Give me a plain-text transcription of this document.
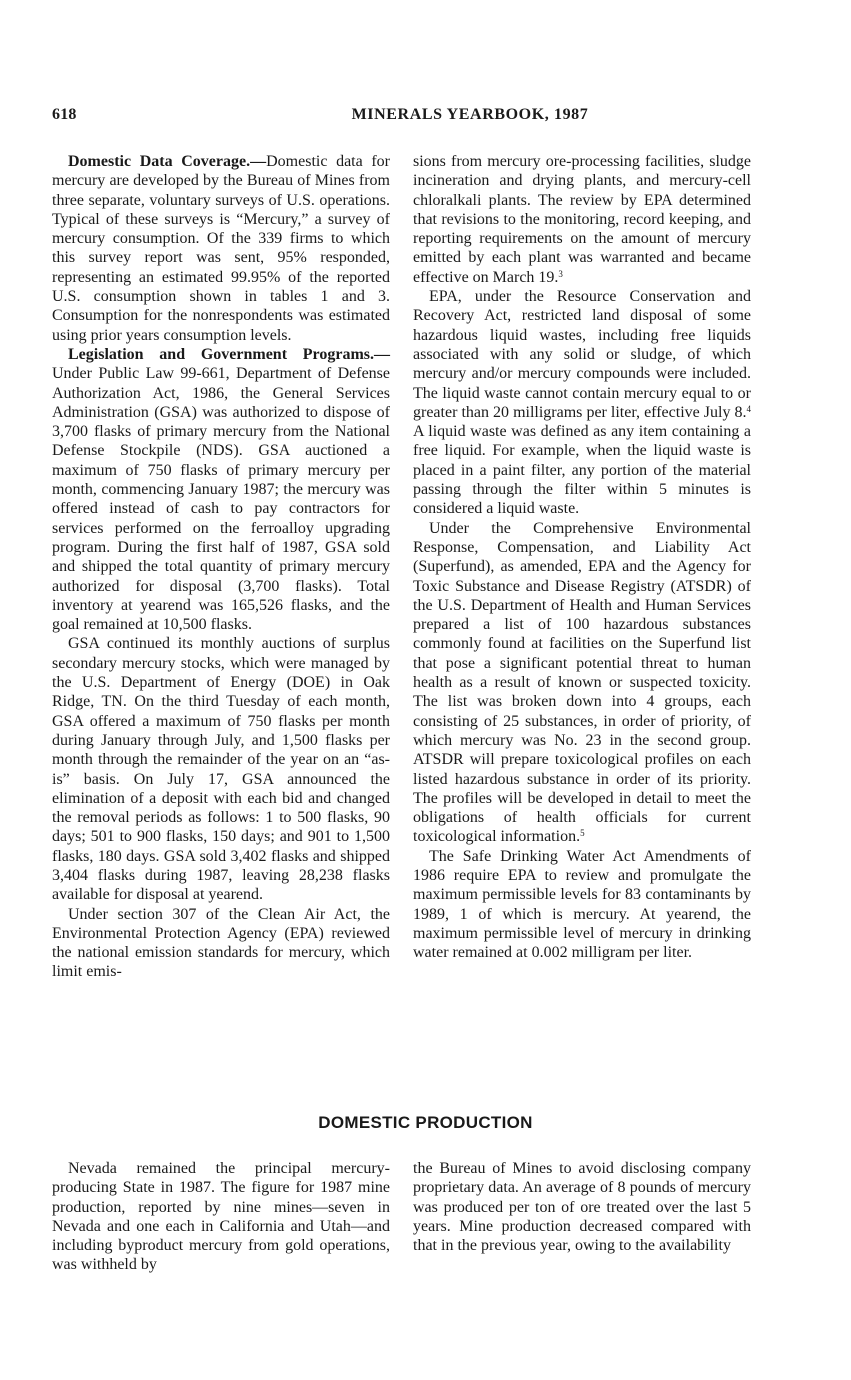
618	MINERALS YEARBOOK, 1987

Domestic Data Coverage.—Domestic data for mercury are developed by the Bureau of Mines from three separate, voluntary surveys of U.S. operations. Typical of these surveys is “Mercury,” a survey of mercury consumption. Of the 339 firms to which this survey report was sent, 95% responded, representing an estimated 99.95% of the reported U.S. consumption shown in tables 1 and 3. Consumption for the nonrespondents was estimated using prior years consumption levels.

Legislation and Government Programs.—Under Public Law 99-661, Department of Defense Authorization Act, 1986, the General Services Administration (GSA) was authorized to dispose of 3,700 flasks of primary mercury from the National Defense Stockpile (NDS). GSA auctioned a maximum of 750 flasks of primary mercury per month, commencing January 1987; the mercury was offered instead of cash to pay contractors for services performed on the ferroalloy upgrading program. During the first half of 1987, GSA sold and shipped the total quantity of primary mercury authorized for disposal (3,700 flasks). Total inventory at yearend was 165,526 flasks, and the goal remained at 10,500 flasks.

GSA continued its monthly auctions of surplus secondary mercury stocks, which were managed by the U.S. Department of Energy (DOE) in Oak Ridge, TN. On the third Tuesday of each month, GSA offered a maximum of 750 flasks per month during January through July, and 1,500 flasks per month through the remainder of the year on an “as-is” basis. On July 17, GSA announced the elimination of a deposit with each bid and changed the removal periods as follows: 1 to 500 flasks, 90 days; 501 to 900 flasks, 150 days; and 901 to 1,500 flasks, 180 days. GSA sold 3,402 flasks and shipped 3,404 flasks during 1987, leaving 28,238 flasks available for disposal at yearend.

Under section 307 of the Clean Air Act, the Environmental Protection Agency (EPA) reviewed the national emission standards for mercury, which limit emis-

sions from mercury ore-processing facilities, sludge incineration and drying plants, and mercury-cell chloralkali plants. The review by EPA determined that revisions to the monitoring, record keeping, and reporting requirements on the amount of mercury emitted by each plant was warranted and became effective on March 19.$^3$

EPA, under the Resource Conservation and Recovery Act, restricted land disposal of some hazardous liquid wastes, including free liquids associated with any solid or sludge, of which mercury and/or mercury compounds were included. The liquid waste cannot contain mercury equal to or greater than 20 milligrams per liter, effective July 8.$^4$ A liquid waste was defined as any item containing a free liquid. For example, when the liquid waste is placed in a paint filter, any portion of the material passing through the filter within 5 minutes is considered a liquid waste.

Under the Comprehensive Environmental Response, Compensation, and Liability Act (Superfund), as amended, EPA and the Agency for Toxic Substance and Disease Registry (ATSDR) of the U.S. Department of Health and Human Services prepared a list of 100 hazardous substances commonly found at facilities on the Superfund list that pose a significant potential threat to human health as a result of known or suspected toxicity. The list was broken down into 4 groups, each consisting of 25 substances, in order of priority, of which mercury was No. 23 in the second group. ATSDR will prepare toxicological profiles on each listed hazardous substance in order of its priority. The profiles will be developed in detail to meet the obligations of health officials for current toxicological information.$^5$

The Safe Drinking Water Act Amendments of 1986 require EPA to review and promulgate the maximum permissible levels for 83 contaminants by 1989, 1 of which is mercury. At yearend, the maximum permissible level of mercury in drinking water remained at 0.002 milligram per liter.

DOMESTIC PRODUCTION

Nevada remained the principal mercury-producing State in 1987. The figure for 1987 mine production, reported by nine mines—seven in Nevada and one each in California and Utah—and including byproduct mercury from gold operations, was withheld by

the Bureau of Mines to avoid disclosing company proprietary data. An average of 8 pounds of mercury was produced per ton of ore treated over the last 5 years. Mine production decreased compared with that in the previous year, owing to the availability
